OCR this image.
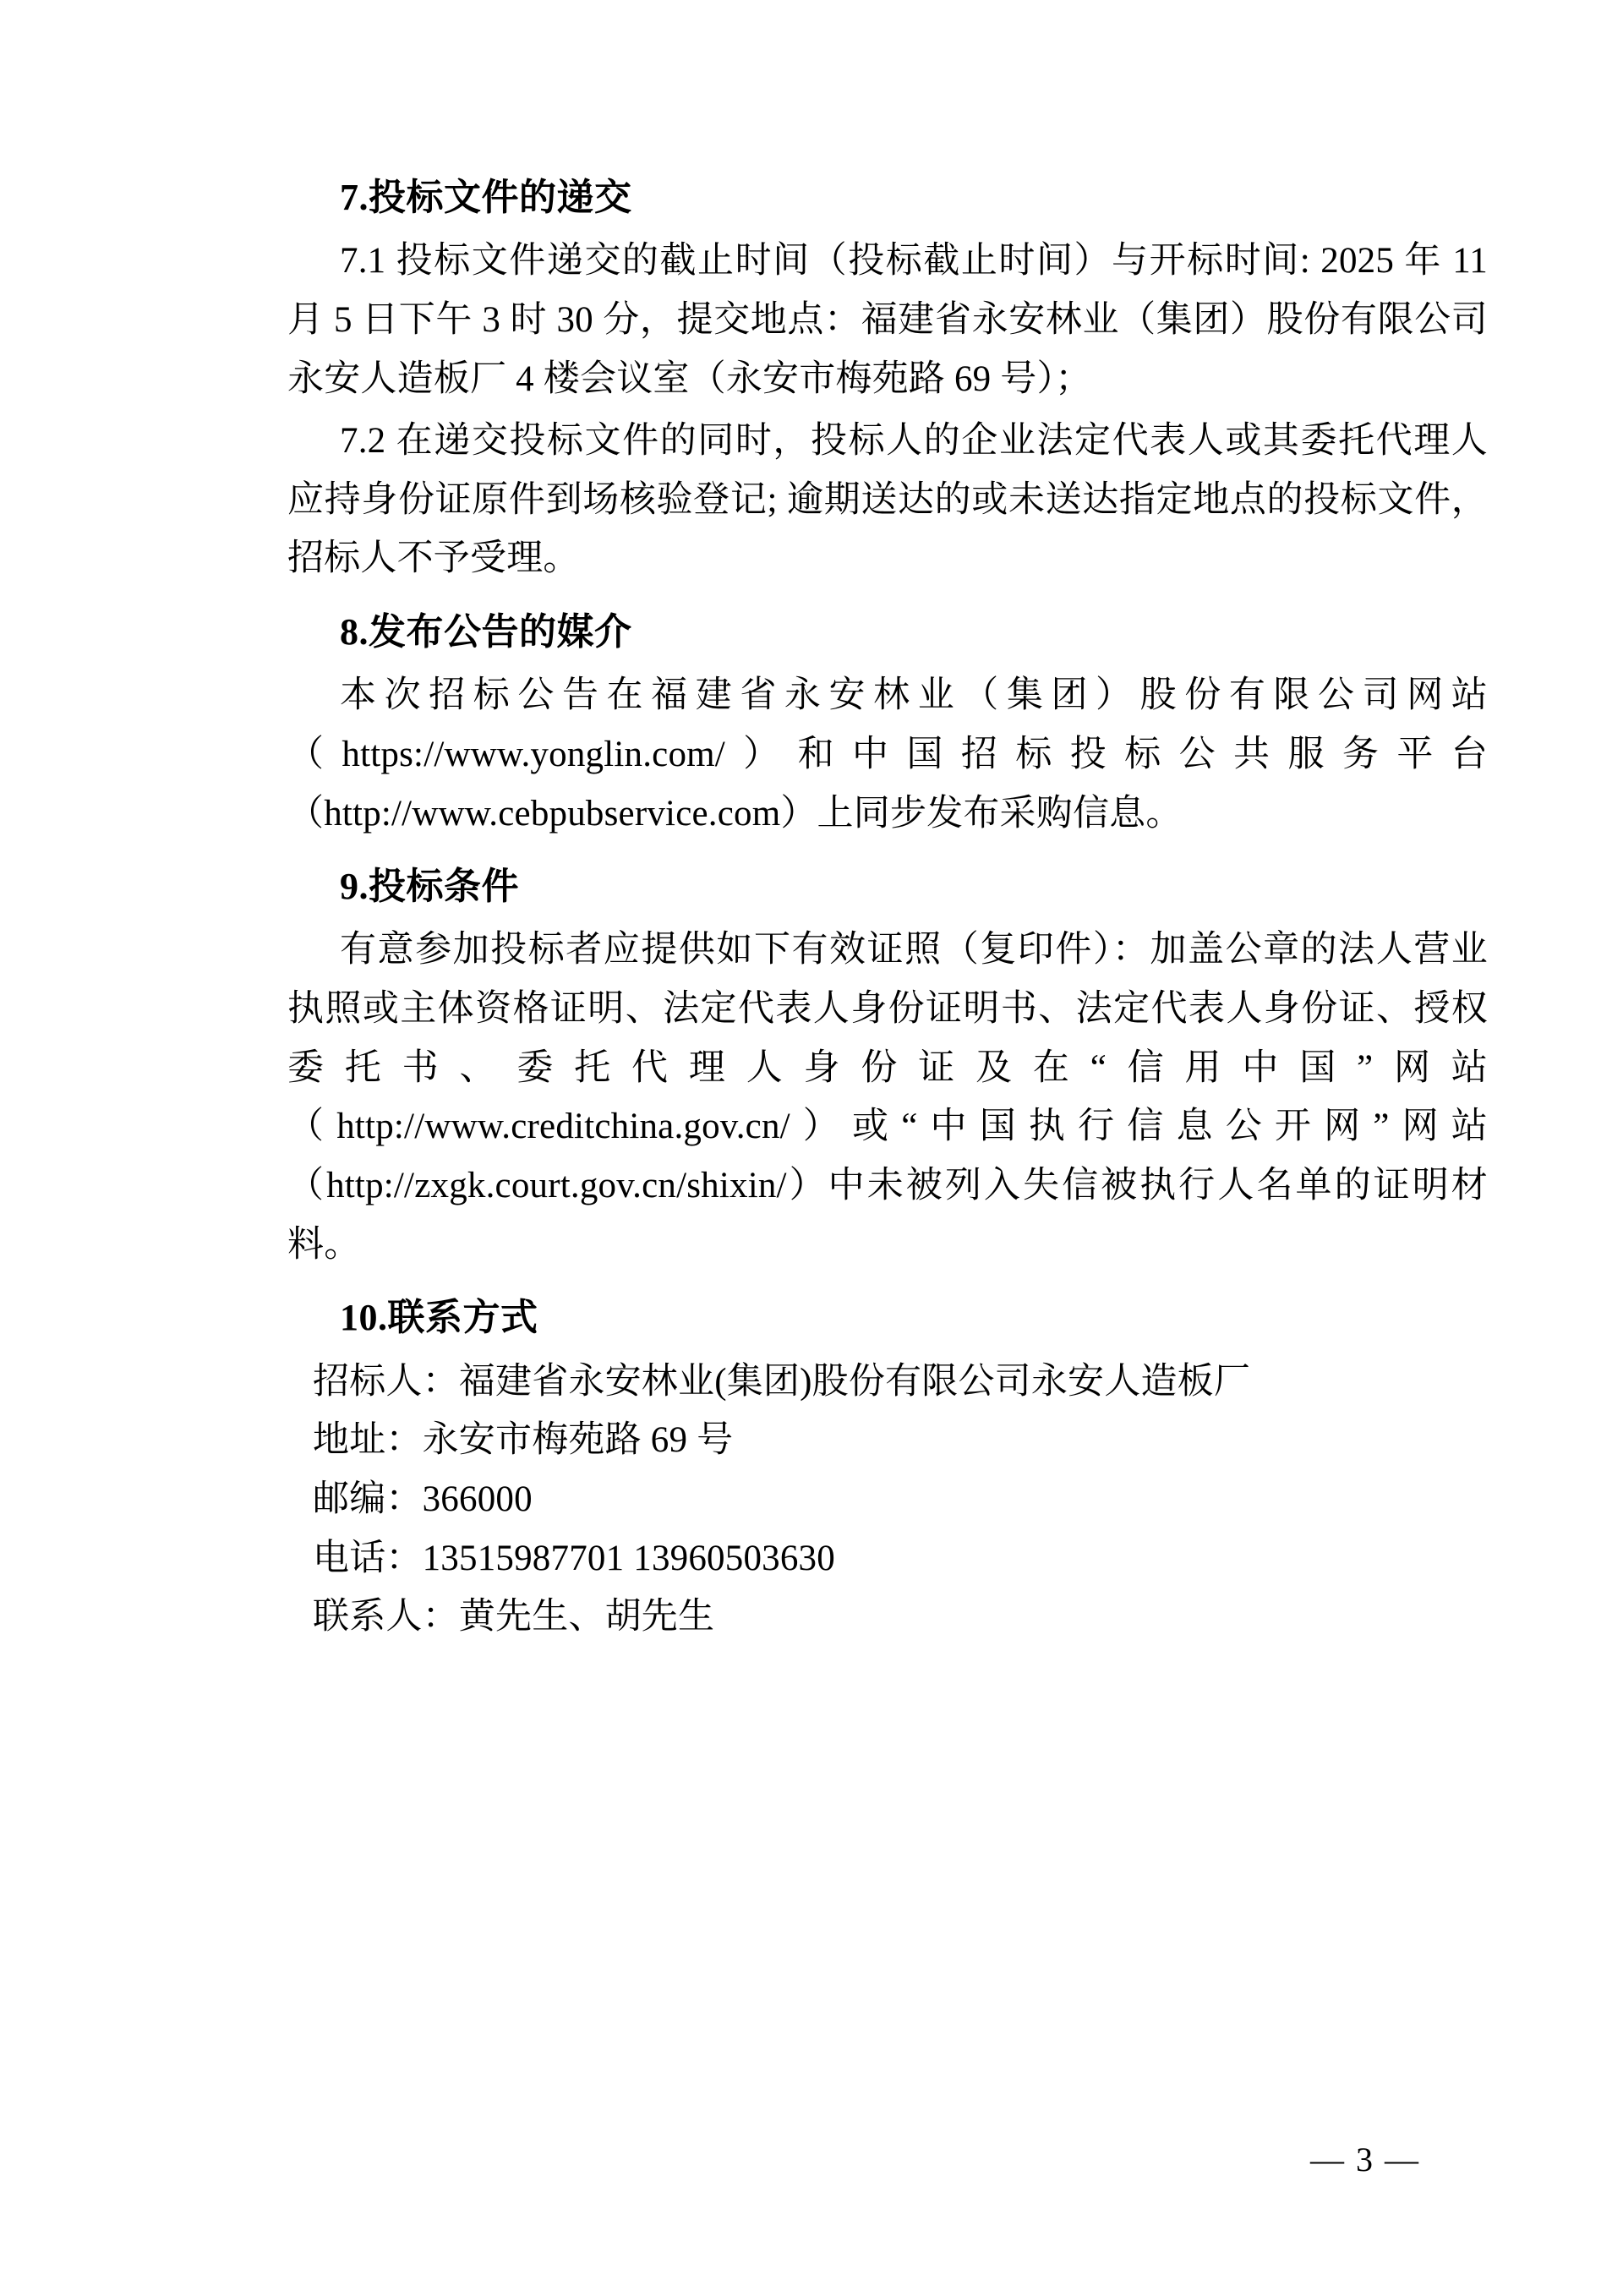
7.投标文件的递交

7.1 投标文件递交的截止时间（投标截止时间）与开标时间: 2025 年 11 月 5 日下午 3 时 30 分，提交地点：福建省永安林业（集团）股份有限公司永安人造板厂 4 楼会议室（永安市梅苑路 69 号）；

7.2 在递交投标文件的同时，投标人的企业法定代表人或其委托代理人应持身份证原件到场核验登记; 逾期送达的或未送达指定地点的投标文件，招标人不予受理。

8.发布公告的媒介

本次招标公告在福建省永安林业（集团）股份有限公司网站（https://www.yonglin.com/）和中国招标投标公共服务平台（http://www.cebpubservice.com）上同步发布采购信息。

9.投标条件

有意参加投标者应提供如下有效证照（复印件）：加盖公章的法人营业执照或主体资格证明、法定代表人身份证明书、法定代表人身份证、授权委托书、委托代理人身份证及在“信用中国”网站（http://www.creditchina.gov.cn/）或“中国执行信息公开网”网站（http://zxgk.court.gov.cn/shixin/）中未被列入失信被执行人名单的证明材料。

10.联系方式

招标人：福建省永安林业(集团)股份有限公司永安人造板厂

地址：永安市梅苑路 69 号

邮编：366000

电话：13515987701 13960503630

联系人：黄先生、胡先生

— 3 —
